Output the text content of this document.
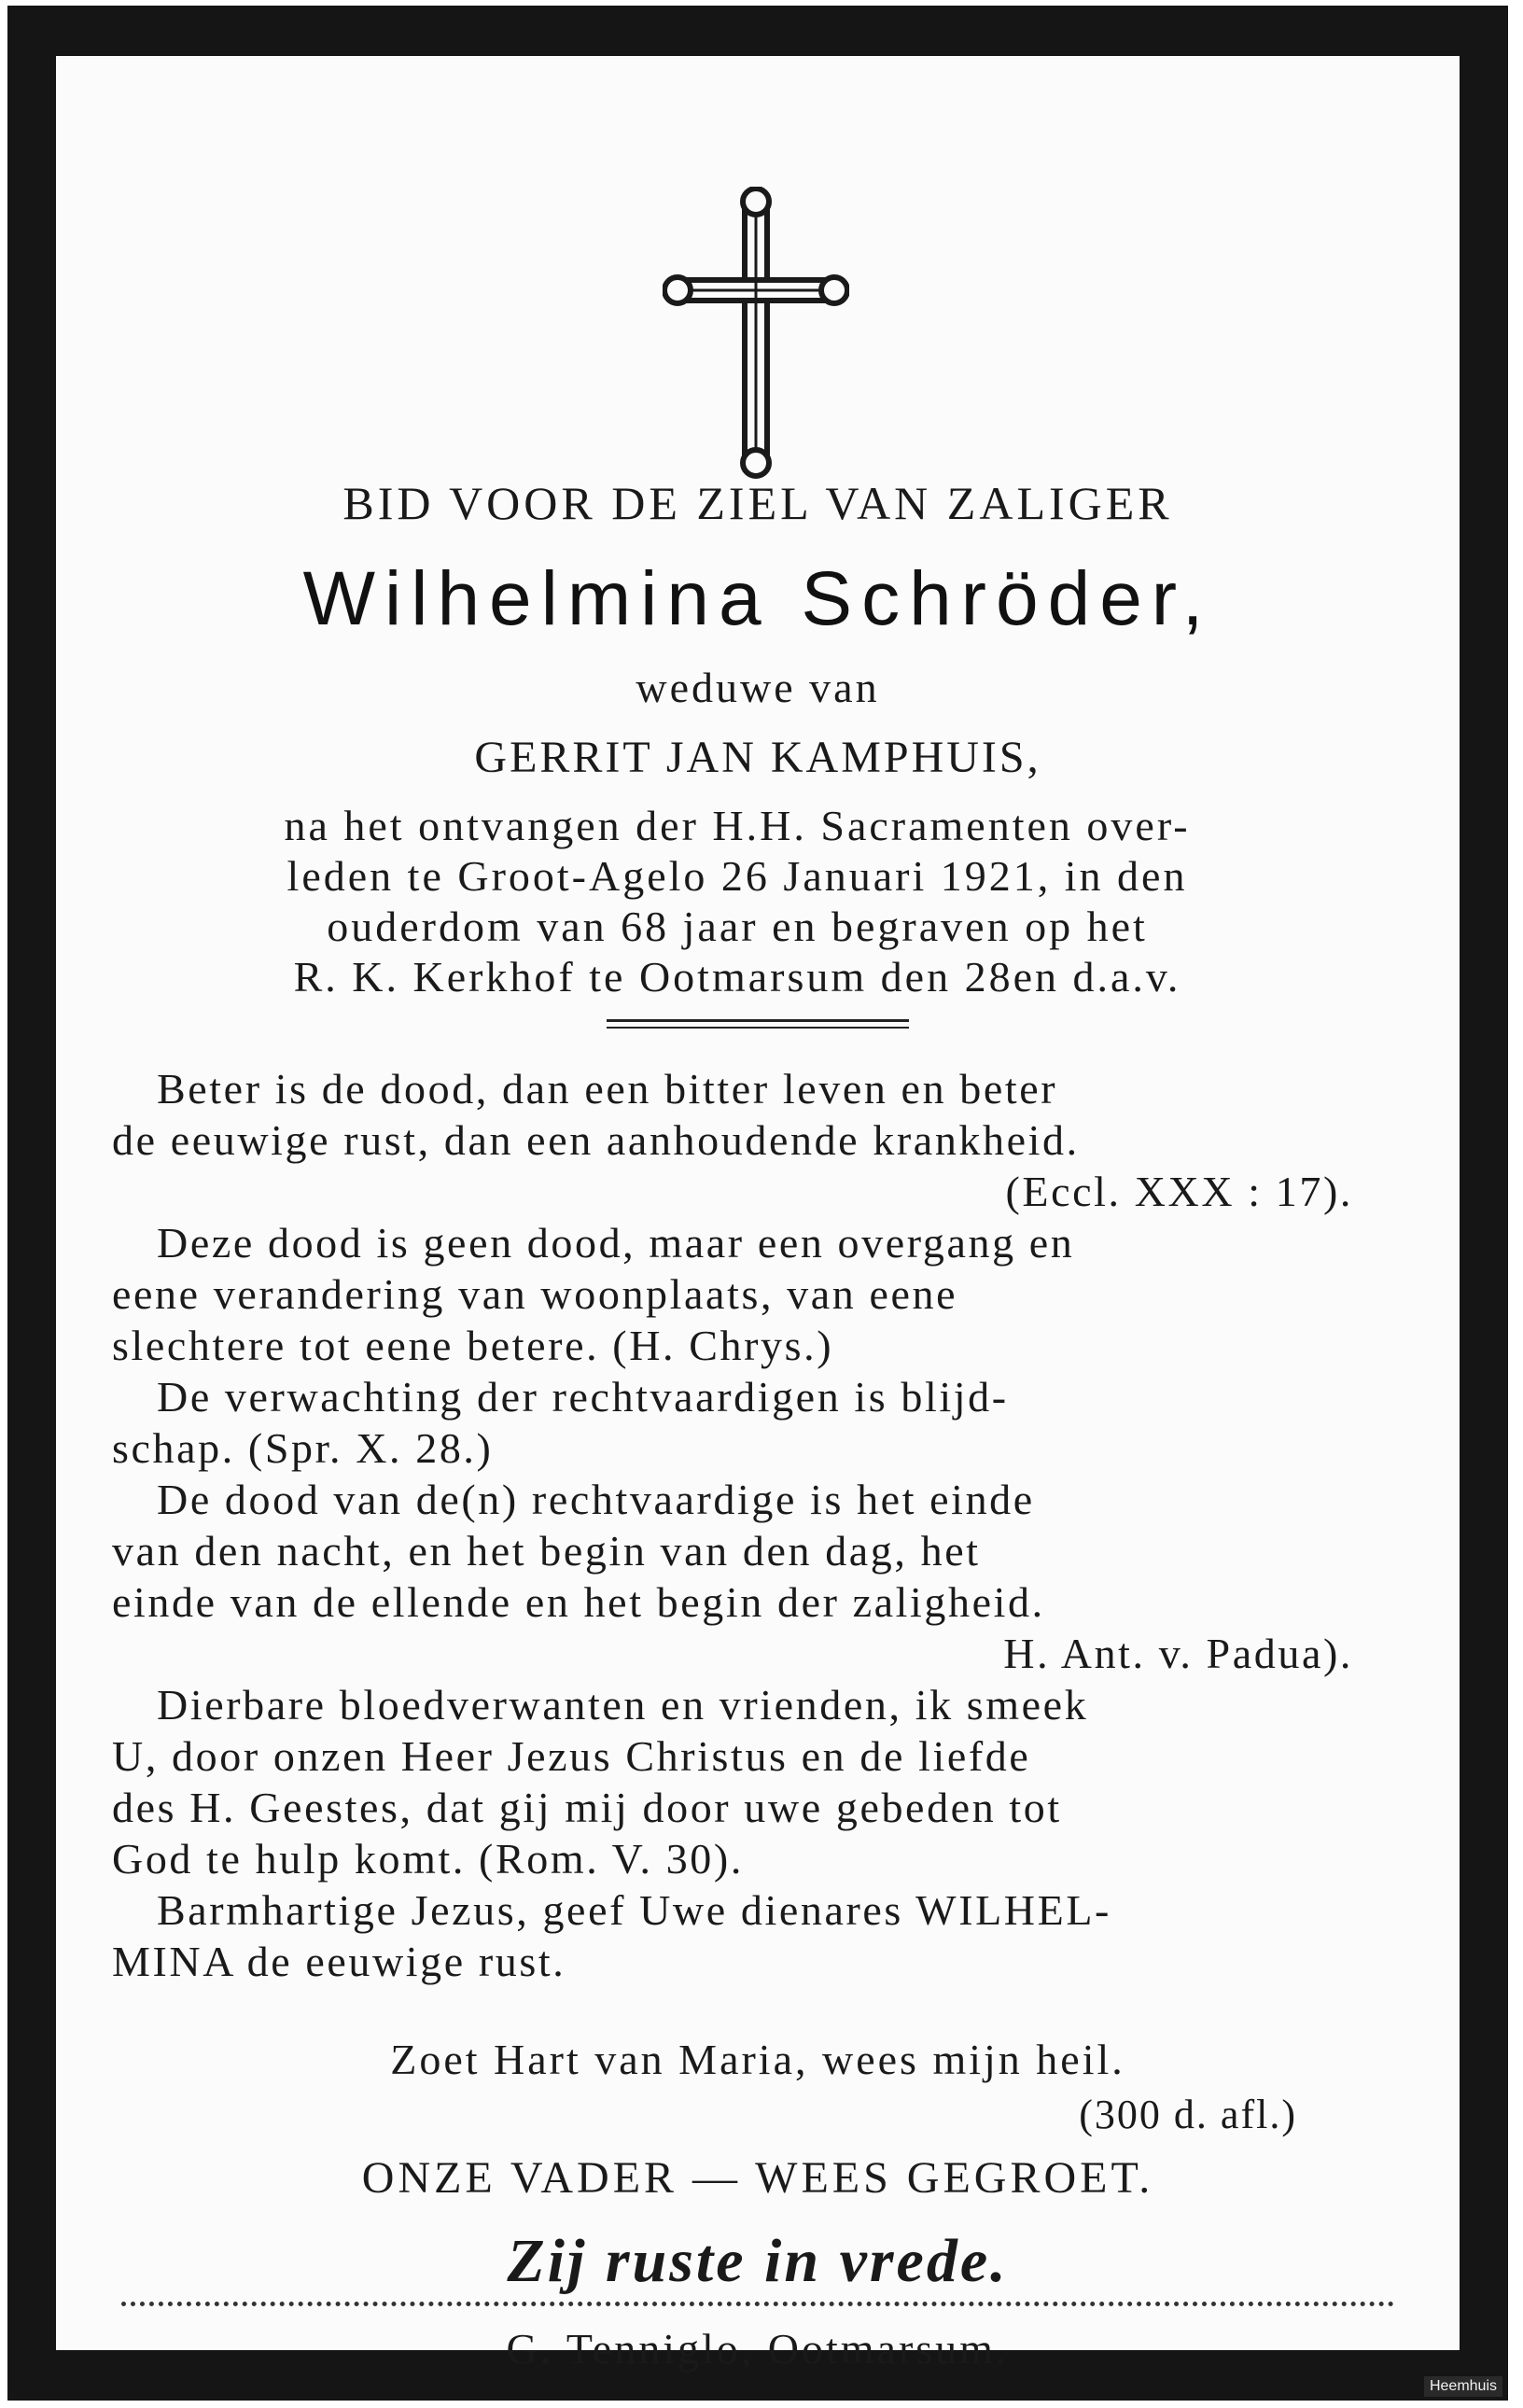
BID VOOR DE ZIEL VAN ZALIGER

Wilhelmina Schröder,

weduwe van

GERRIT JAN KAMPHUIS,

na het ontvangen der H.H. Sacramenten over-

leden te Groot-Agelo 26 Januari 1921, in den

ouderdom van 68 jaar en begraven op het

R. K. Kerkhof te Ootmarsum den 28en d.a.v.

Beter is de dood, dan een bitter leven en beter
de eeuwige rust, dan een aanhoudende krankheid.
(Eccl. XXX : 17).
Deze dood is geen dood, maar een overgang en
eene verandering van woonplaats, van eene
slechtere tot eene betere. (H. Chrys.)
De verwachting der rechtvaardigen is blijd-
schap. (Spr. X. 28.)
De dood van de(n) rechtvaardige is het einde
van den nacht, en het begin van den dag, het
einde van de ellende en het begin der zaligheid.
H. Ant. v. Padua).
Dierbare bloedverwanten en vrienden, ik smeek
U, door onzen Heer Jezus Christus en de liefde
des H. Geestes, dat gij mij door uwe gebeden tot
God te hulp komt. (Rom. V. 30).
Barmhartige Jezus, geef Uwe dienares WILHEL-
MINA de eeuwige rust.

Zoet Hart van Maria, wees mijn heil.

(300 d. afl.)

ONZE VADER — WEES GEGROET.

Zij ruste in vrede.

G. Tenniglo, Ootmarsum.

Heemhuis
